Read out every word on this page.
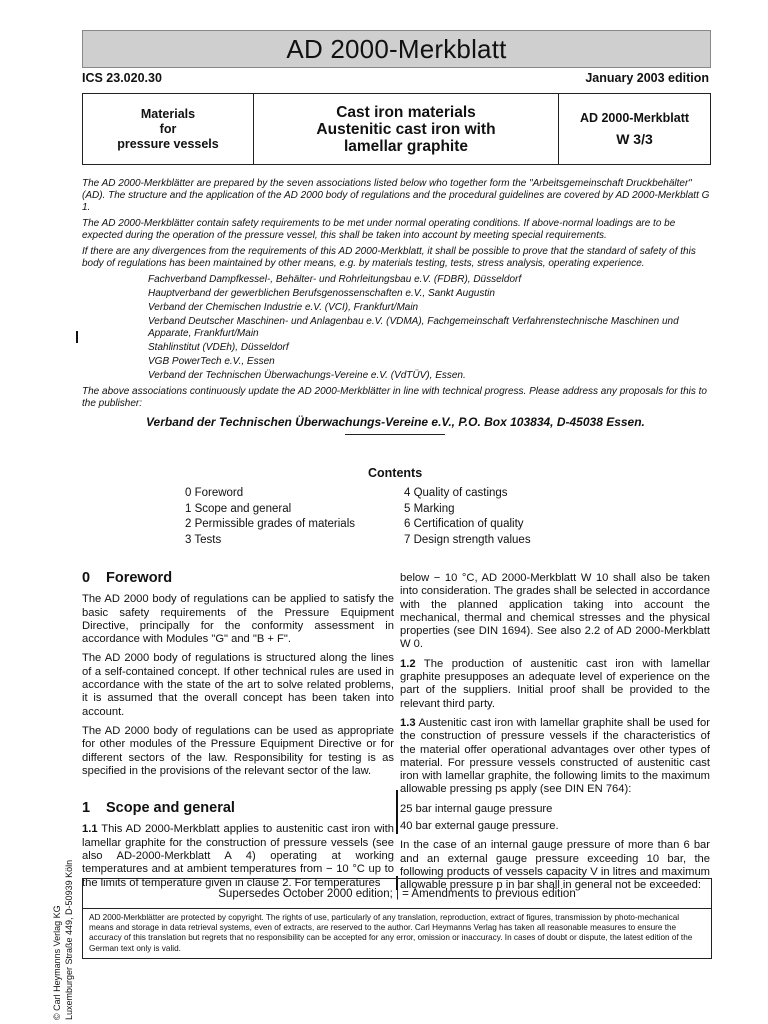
AD 2000-Merkblatt
ICS 23.020.30	January 2003 edition
Materials
for
pressure vessels
Cast iron materials
Austenitic cast iron with
lamellar graphite
AD 2000-Merkblatt
W 3/3

The AD 2000-Merkblätter are prepared by the seven associations listed below who together form the "Arbeitsgemeinschaft Druckbehälter" (AD). The structure and the application of the AD 2000 body of regulations and the procedural guidelines are covered by AD 2000-Merkblatt G 1.

The AD 2000-Merkblätter contain safety requirements to be met under normal operating conditions. If above-normal loadings are to be expected during the operation of the pressure vessel, this shall be taken into account by meeting special requirements.

If there are any divergences from the requirements of this AD 2000-Merkblatt, it shall be possible to prove that the standard of safety of this body of regulations has been maintained by other means, e.g. by materials testing, tests, stress analysis, operating experience.

Fachverband Dampfkessel-, Behälter- und Rohrleitungsbau e.V. (FDBR), Düsseldorf
Hauptverband der gewerblichen Berufsgenossenschaften e.V., Sankt Augustin
Verband der Chemischen Industrie e.V. (VCI), Frankfurt/Main
Verband Deutscher Maschinen- und Anlagenbau e.V. (VDMA), Fachgemeinschaft Verfahrenstechnische Maschinen und Apparate, Frankfurt/Main
Stahlinstitut (VDEh), Düsseldorf
VGB PowerTech e.V., Essen
Verband der Technischen Überwachungs-Vereine e.V. (VdTÜV), Essen.

The above associations continuously update the AD 2000-Merkblätter in line with technical progress. Please address any proposals for this to the publisher:

Verband der Technischen Überwachungs-Vereine e.V., P.O. Box 103834, D-45038 Essen.
Contents
0 Foreword
1 Scope and general
2 Permissible grades of materials
3 Tests
4 Quality of castings
5 Marking
6 Certification of quality
7 Design strength values
0 Foreword

The AD 2000 body of regulations can be applied to satisfy the basic safety requirements of the Pressure Equipment Directive, principally for the conformity assessment in accordance with Modules "G" and "B + F".

The AD 2000 body of regulations is structured along the lines of a self-contained concept. If other technical rules are used in accordance with the state of the art to solve related problems, it is assumed that the overall concept has been taken into account.

The AD 2000 body of regulations can be used as appropriate for other modules of the Pressure Equipment Directive or for different sectors of the law. Responsibility for testing is as specified in the provisions of the relevant sector of the law.

1 Scope and general

1.1 This AD 2000-Merkblatt applies to austenitic cast iron with lamellar graphite for the construction of pressure vessels (see also AD-2000-Merkblatt A 4) operating at working temperatures and at ambient temperatures from − 10 °C up to the limits of temperature given in clause 2. For temperatures

below − 10 °C, AD 2000-Merkblatt W 10 shall also be taken into consideration. The grades shall be selected in accordance with the planned application taking into account the mechanical, thermal and chemical stresses and the physical properties (see DIN 1694). See also 2.2 of AD 2000-Merkblatt W 0.

1.2 The production of austenitic cast iron with lamellar graphite presupposes an adequate level of experience on the part of the suppliers. Initial proof shall be provided to the relevant third party.

1.3 Austenitic cast iron with lamellar graphite shall be used for the construction of pressure vessels if the characteristics of the material offer operational advantages over other types of material. For pressure vessels constructed of austenitic cast iron with lamellar graphite, the following limits to the maximum allowable pressing ps apply (see DIN EN 764):

25 bar internal gauge pressure
40 bar external gauge pressure.

In the case of an internal gauge pressure of more than 6 bar and an external gauge pressure exceeding 10 bar, the following products of vessels capacity V in litres and maximum allowable pressure p in bar shall in general not be exceeded:

© Carl Heymanns Verlag KG Luxemburger Straße 449, D-50939 Köln	Supersedes October 2000 edition; | = Amendments to previous edition
AD 2000-Merkblätter are protected by copyright. The rights of use, particularly of any translation, reproduction, extract of figures, transmission by photo-mechanical means and storage in data retrieval systems, even of extracts, are reserved to the author. Carl Heymanns Verlag has taken all reasonable measures to ensure the accuracy of this translation but regrets that no responsibility can be accepted for any error, omission or inaccuracy. In cases of doubt or dispute, the latest edition of the German text only is valid.
